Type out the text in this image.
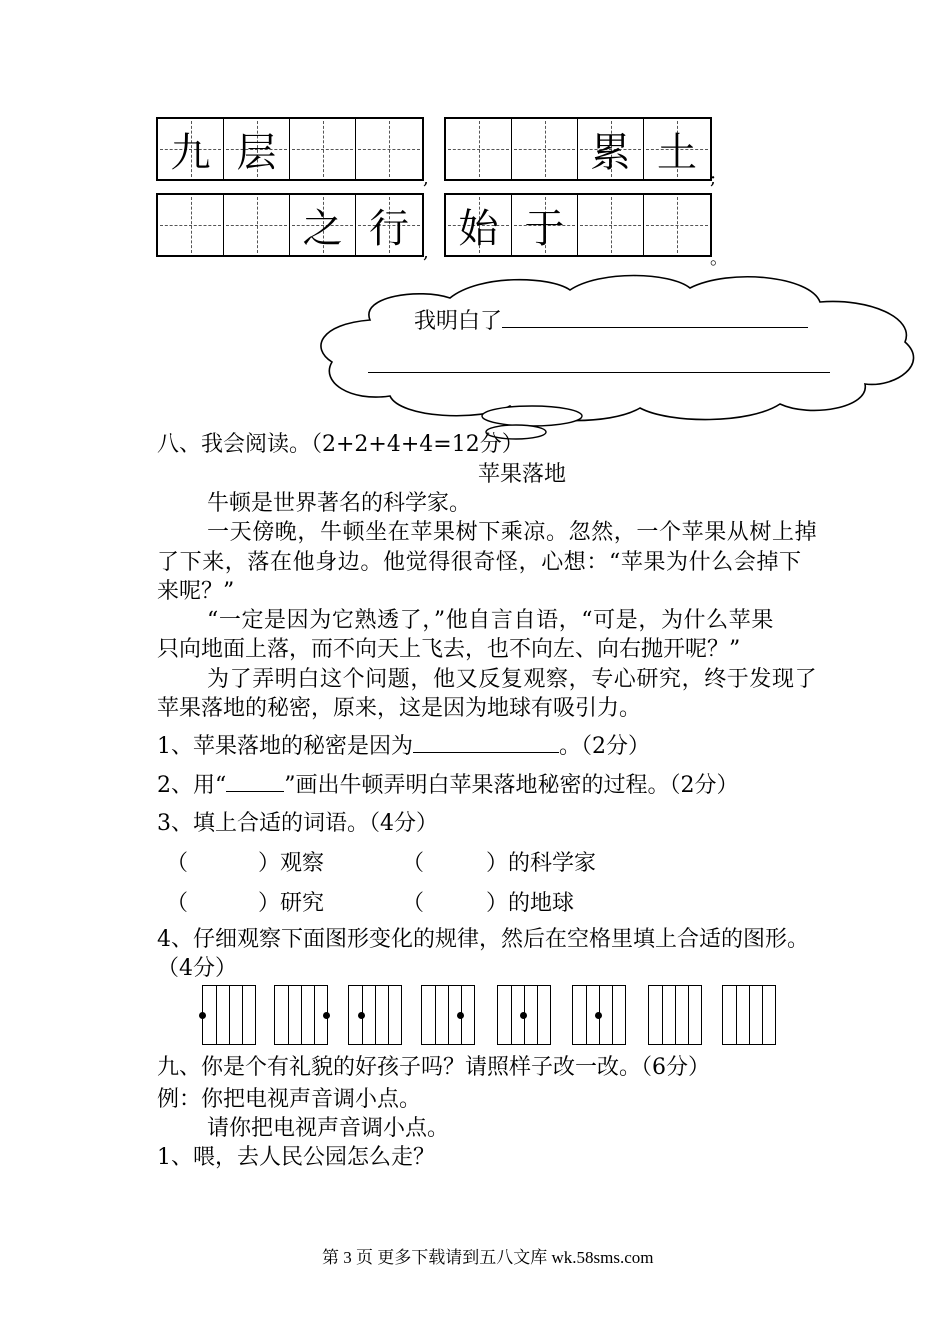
九 层
,
累 土
;
之 行
,
始 于
。
我明白了
八、我会阅读。（2+2+4+4=12分）
苹果落地
牛顿是世界著名的科学家。
一天傍晚，牛顿坐在苹果树下乘凉。忽然，一个苹果从树上掉
了下来，落在他身边。他觉得很奇怪，心想：“苹果为什么会掉下
来呢？”
“一定是因为它熟透了，”他自言自语，“可是，为什么苹果
只向地面上落，而不向天上飞去，也不向左、向右抛开呢？”
为了弄明白这个问题，他又反复观察，专心研究，终于发现了
苹果落地的秘密，原来，这是因为地球有吸引力。
1、苹果落地的秘密是因为	。（2分）
2、用“	”画出牛顿弄明白苹果落地秘密的过程。（2分）
3、填上合适的词语。（4分）
（	）观察	（	）的科学家
（	）研究	（	）的地球
4、仔细观察下面图形变化的规律，然后在空格里填上合适的图形。
（4分）
九、你是个有礼貌的好孩子吗？请照样子改一改。（6分）
例：你把电视声音调小点。
请你把电视声音调小点。
1、喂，去人民公园怎么走？
第 3 页 更多下载请到五八文库 wk.58sms.com
